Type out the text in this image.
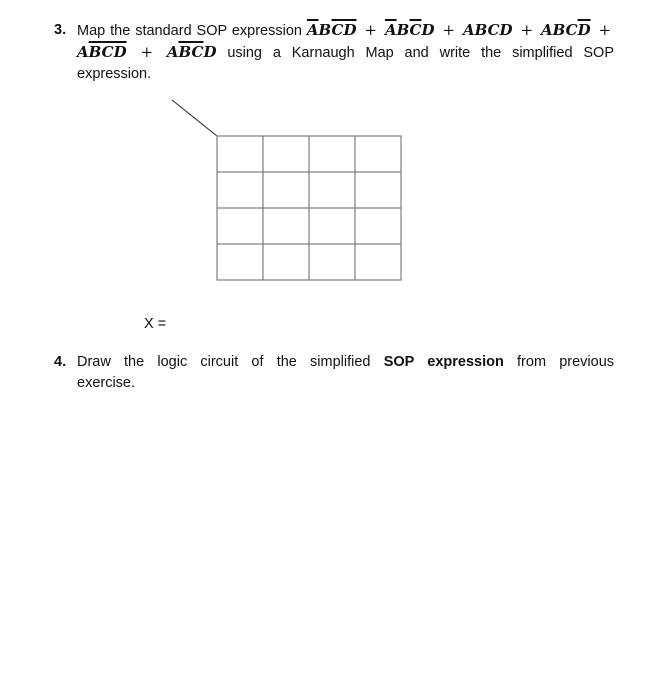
3. Map the standard SOP expression $\overline{A}B\overline{C}\overline{D} + \overline{A}B\overline{C}D$ + ABCD + $ABC\overline{D}$ +
$A\overline{B}\overline{C}\overline{D} + A\overline{B}\overline{C}D$ using a Karnaugh Map and write the simplified SOP
expression.
X =
4. Draw the logic circuit of the simplified SOP expression from previous
exercise.
